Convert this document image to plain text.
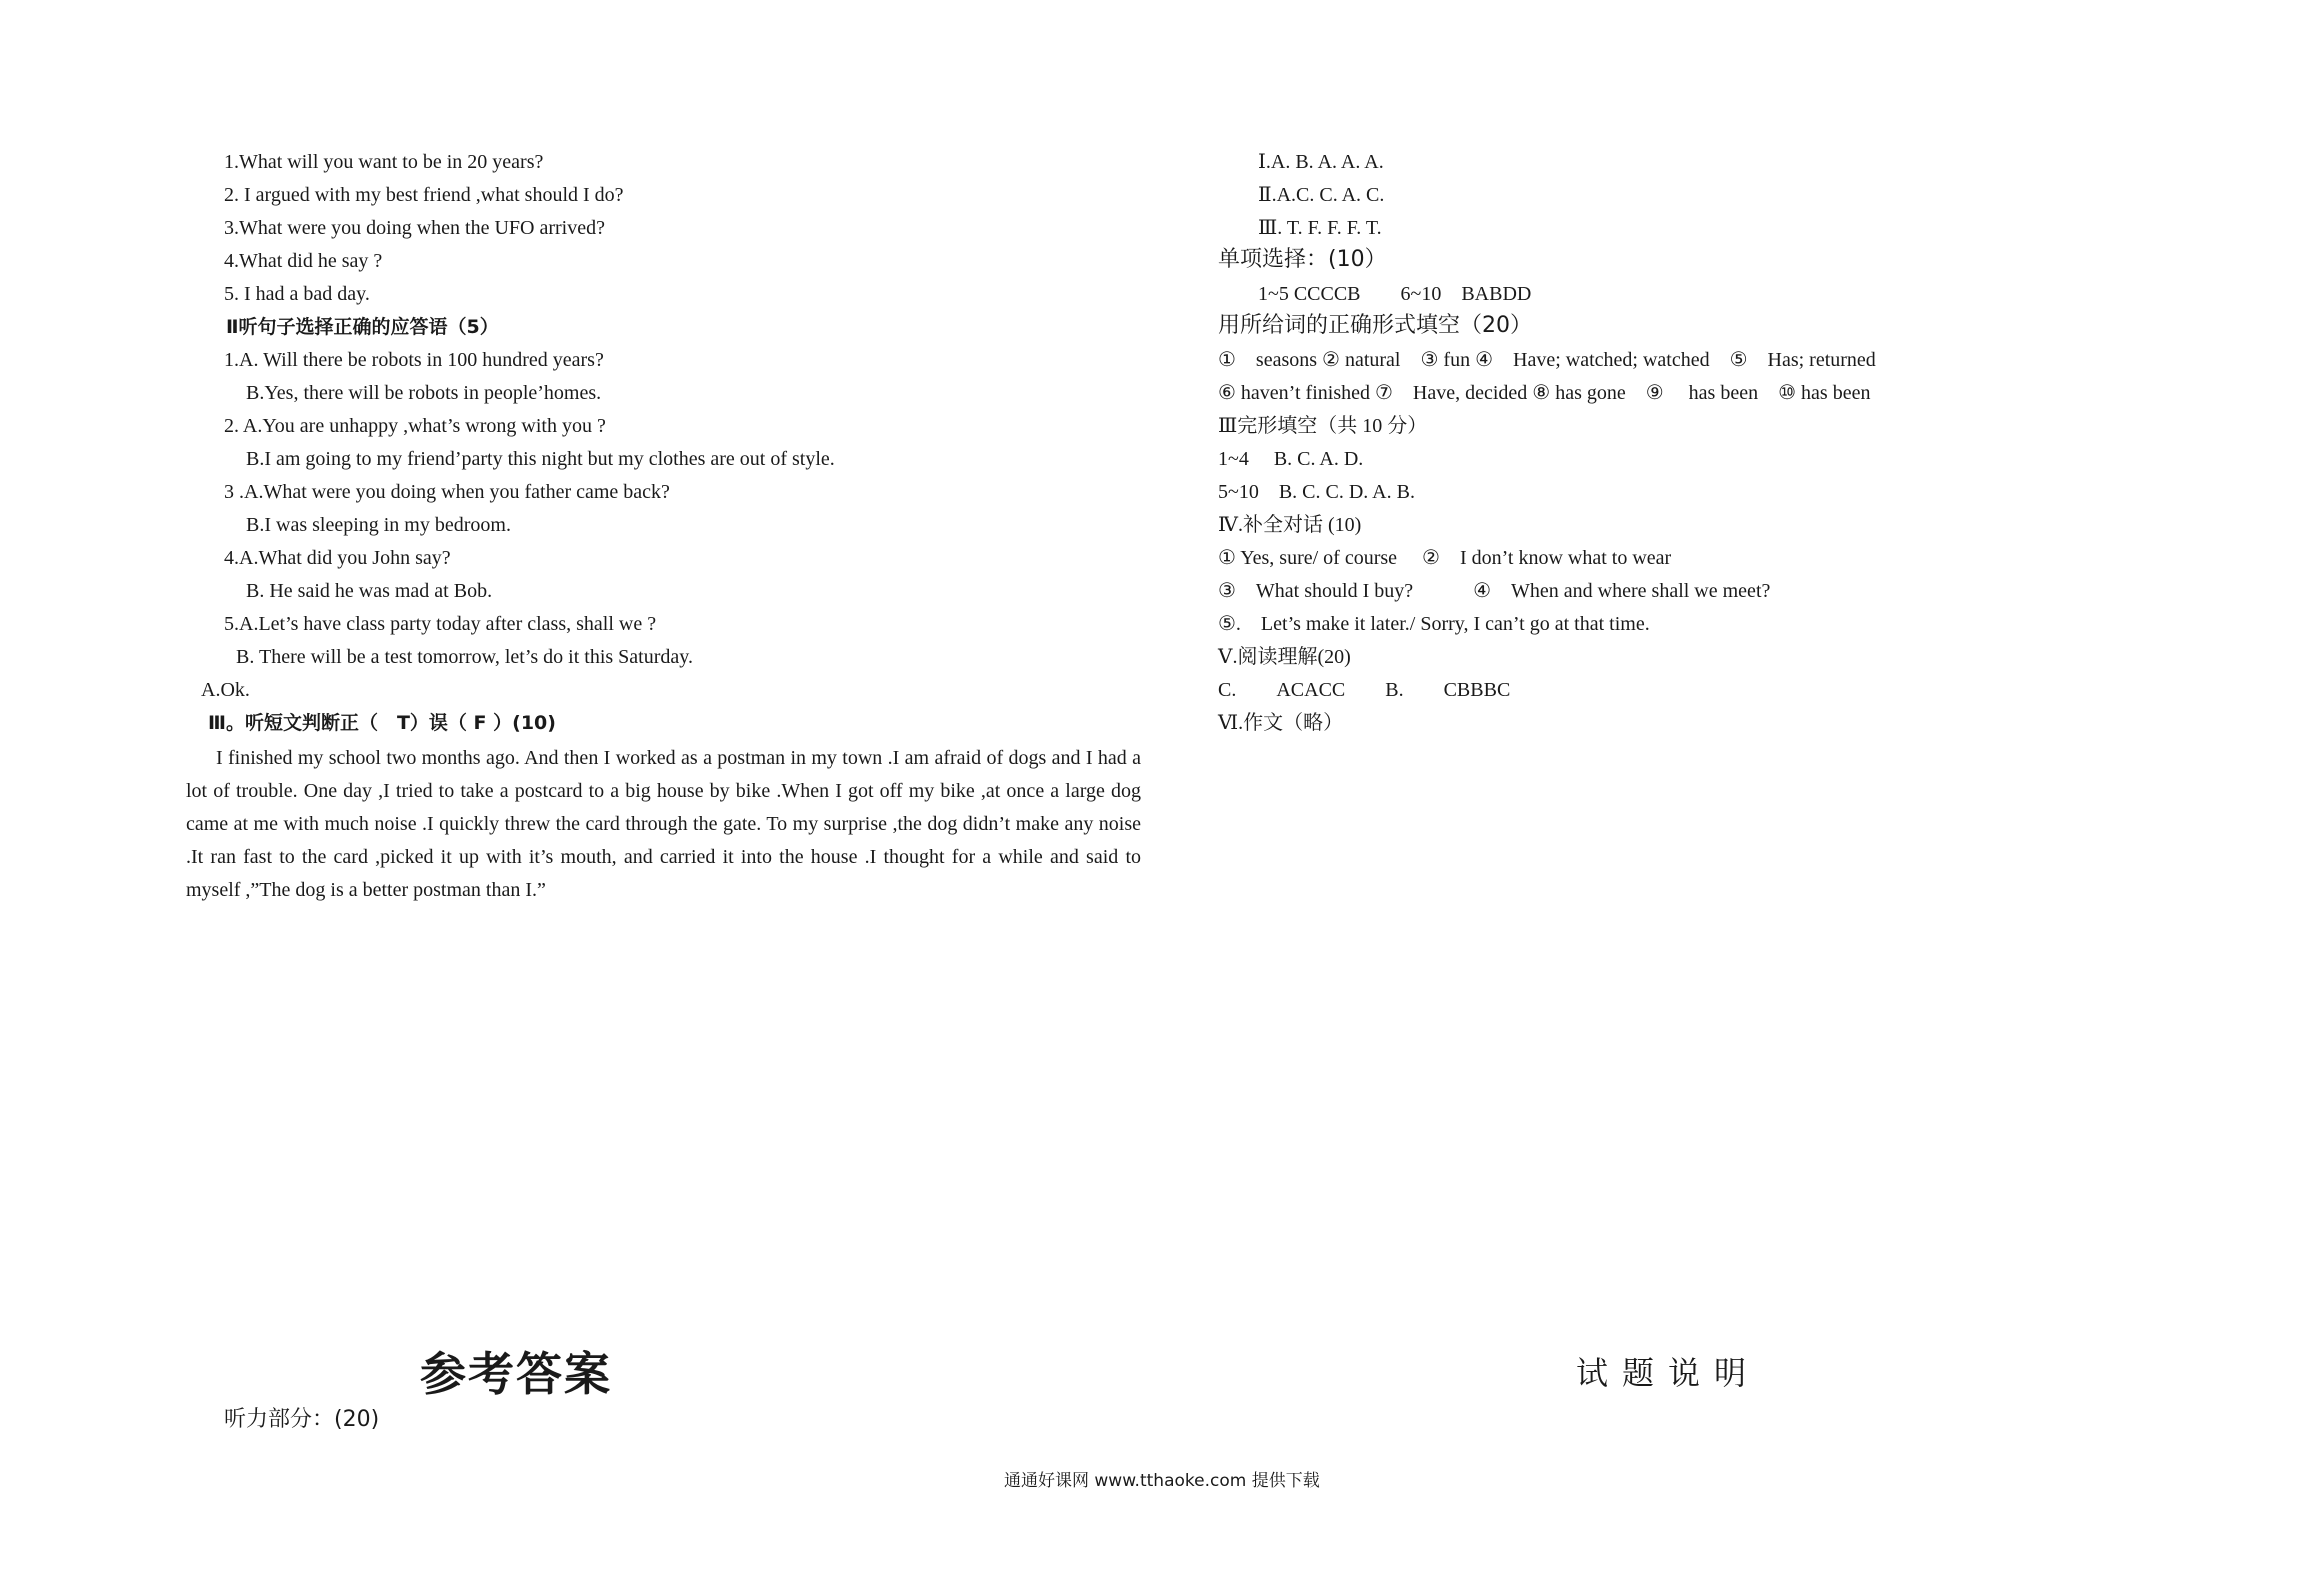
1.What will you want to be in 20 years?
2. I argued with my best friend ,what should I do?
3.What were you doing when the UFO arrived?
4.What did he say ?
5. I had a bad day.
Ⅱ听句子选择正确的应答语（5）
1.A. Will there be robots in 100 hundred years?
B.Yes, there will be robots in people’homes.
2. A.You are unhappy ,what’s wrong with you ?
B.I am going to my friend’party this night but my clothes are out of style.
3 .A.What were you doing when you father came back?
B.I was sleeping in my bedroom.
4.A.What did you John say?
B. He said he was mad at Bob.
5.A.Let’s have class party today after class, shall we ?
B. There will be a test tomorrow, let’s do it this Saturday.
A.Ok.
Ⅲ。听短文判断正（　T）误（ F ）(10)
I finished my school two months ago. And then I worked as a postman in my town .I am afraid of dogs and I had a lot of trouble. One day ,I tried to take a postcard to a big house by bike .When I got off my bike ,at once a large dog came at me with much noise .I quickly threw the card through the gate. To my surprise ,the dog didn’t make any noise .It ran fast to the card ,picked it up with it’s mouth, and carried it into the house .I thought for a while and said to myself ,”The dog is a better postman than I.”
Ⅰ.A. B. A. A. A.
Ⅱ.A.C. C. A. C.
Ⅲ. T. F. F. F. T.
单项选择：(10）
1~5 CCCCB　　6~10　BABDD
用所给词的正确形式填空（20）
①　seasons ② natural　③ fun ④　Have; watched; watched　⑤　Has; returned
⑥ haven’t finished ⑦　Have, decided ⑧ has gone　⑨　 has been　⑩ has been
Ⅲ完形填空（共 10 分）
1~4　 B. C. A. D.
5~10　B. C. C. D. A. B.
Ⅳ.补全对话 (10)
① Yes, sure/ of course　 ②　I don’t know what to wear
③　What should I buy?　　　④　When and where shall we meet?
⑤.　Let’s make it later./ Sorry, I can’t go at that time.
Ⅴ.阅读理解(20)
C.　　ACACC　　B.　　CBBBC
Ⅵ.作文（略）
参考答案
听力部分：(20)
试题说明
通通好课网 www.tthaoke.com 提供下载
